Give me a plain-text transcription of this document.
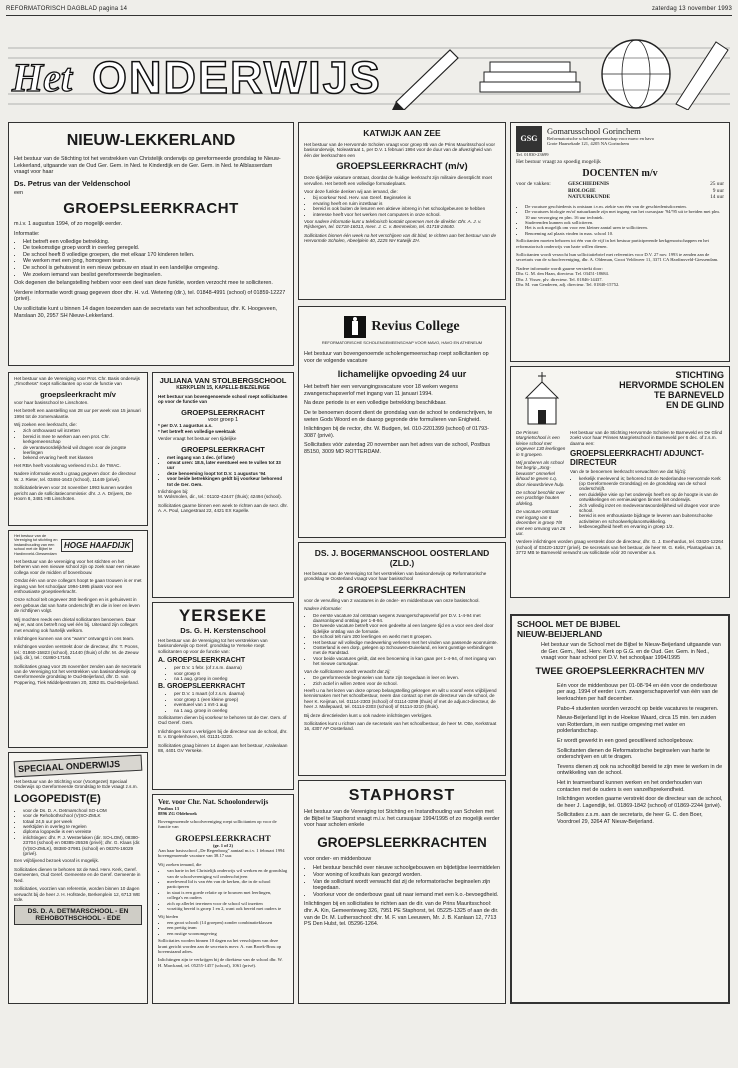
REFORMATORISCH DAGBLAD pagina 14	zaterdag 13 november 1993
Het ONDERWIJS
NIEUW-LEKKERLAND

Het bestuur van de Stichting tot het verstrekken van Christelijk onderwijs op gereformeerde grondslag te Nieuw-Lekkerland, uitgaande van de Oud Ger. Gem. in Ned. te Kinderdijk en de Ger. Gem. in Ned. te Alblasserdam vraagt voor haar

Ds. Petrus van der Veldenschool
een
GROEPSLEERKRACHT

m.i.v. 1 augustus 1994, of zo mogelijk eerder.

Informatie:
• Het betreft een volledige betrekking.
• De toekomstige groep wordt in overleg geregeld.
• De school heeft 8 volledige groepen, die met elkaar 170 kinderen tellen.
• We werken met een jong, homogeen team.
• De school is gehuisvest in een nieuw gebouw en staat in een landelijke omgeving.
• We zoeken iemand van beslist gereformeerde beginselen.

Ook degenen die belangstelling hebben voor een deel van deze funktie, worden verzocht mee te solliciteren.

Verdere informatie wordt graag gegeven door dhr. H. v.d. Wetering (dir.), tel. 01848-4991 (school) of 01859-12227 (privé).

Uw sollicitatie kunt u binnen 14 dagen toezenden aan de secretaris van het schoolbestuur, dhr. K. Hoogeveen, Marslaan 30, 2957 SH Nieuw-Lekkerland.

KATWIJK AAN ZEE

Het bestuur van de Hervormde Scholen vraagt voor groep 8b van de Prins Mauritsschool voor basisonderwijs, Noleastraat 1, per D.V. 1 februari 1994 voor de duur van de afwezigheid van één der leerkrachten een

GROEPSLEERKRACHT (m/v)

Deze tijdelijke vakature ontstaat, doordat de huidige leerkracht zijn militaire dienstplicht moet vervullen. Het betreft een volledige formatieplaats.

Voor deze funktie denken wij aan iemand, die:
• bij voorkeur Ned. Herv. van Geref. Beginselen is
• ervaring heeft en ruim inzetbaar is
• bereid is ook buiten de lesuren een aktieve inbreng in het schoolgebeuren te hebben
• interesse heeft voor het werken met computers in onze school.

Voor nadere informatie kunt u telefonisch kontakt opnemen met de direktie: Dhr. A. J. v. Rijsbergen, tel. 01718-16013, mevr. J. C. v. Bemmelom, tel. 01718-24640.

Sollicitaties binnen één week na het verschijnen van dit blad, te richten aan het bestuur van de Hervormde Scholen, Abeelplein 40, 2225 NH Katwijk ZH.

GSG
Gomarusschool Gorinchem
Reformatorische scholengemeenschap voor mavo en havo
Grote Haarsekade 121, 4205 NA Gorinchem
Tel. 01830-23699
Het bestuur vraagt zo spoedig mogelijk
DOCENTEN m/v
voor de vakken:	GESCHIEDENIS	25 uur
BIOLOGIE	9 uur
NATUURKUNDE	14 uur
• De vacature geschiedenis is ontstaan i.v.m. ziekte van één van de geschiedenisdocenten.
• De vacatures biologie en/of natuurkunde zijn met ingang van het cursusjaar '94/'95 uit te breiden met plm. 10 uur verzorging en plm. 16 uur techniek.
• Studerenden kunnen ook solliciteren.
• Het is ook mogelijk om voor een kleiner aantal uren te solliciteren.
• Benoeming zal plaats vinden in max. school 10.

Sollicitanten moeten behoren tot één van de vijf in het bestuur participerende kerkgenootschappen en het reformatorisch onderwijs van harte willen dienen.

Sollicitanten wordt verzocht hun sollicitatiebrief met referenties voor D.V. 27 nov. 1993 te zenden aan de secretaris van de schoolvereniging, dhr. A. Oldeman, Groot Veldiweer 11, 3371 CA Hardinxveld-Giessendam.

Nadere informatie wordt gaarne verstrekt door:
Dhr. G. M. den Haan, directeur. Tel. 03451-18684.
Dhr. J. Visser, plv. directeur. Tel. 01846-14437.
Dhr. M. van Genderen, adj. directeur. Tel. 01840-15752.

Het bestuur van de Vereniging voor Prot. Chr. Basis onderwijs „Timotheüs” roept sollicitanten op voor de functie van

groepsleerkracht m/v

voor haar basisschool te Linschoten.

Het betreft een aanstelling van 28 uur per week van 15 januari 1994 tot de zomervakantie.

Wij zoeken een leerkracht, die:
• zich onthouwast wil inzetten
• bereid is mee te werken aan een prot. Chr. kerkgemeenschap
• de verantwoordelijkheid wil dragen voor de jongste leerlingen
• bekend ervaring heeft met klassen

Het RBA heeft vooralsnog verleend m.b.t. de TWAC.

Nadere informatie wordt u graag gegeven door: de directeur W. J. Rieter, tel. 03484-1643 (school), 11449 (privé).

Sollicitatiebrieven voor 24 november 1993 kunnen worden gericht aan de sollicitatiecommissie: dhr. J. A. Drijvers, De Hoorn 8, 3481 HB Linschoten.

Het bestuur van de Vereniging tot stichting en instandhouding van een school met de Bijbel te Hardinxveld-Giessendam
HOGE HAAFDIJK

Het bestuur van de vereniging voor het stichten en het beheren van een nieuwe school zijn op zoek naar een nieuwe collega voor de midden of bovenbouw.

Omdat één van onze collega's hoopt te gaan trouwen is er met ingang van het schooljaar 1994-1995 plaats voor een enthousiaste groepsleerkracht.

Onze school telt ongeveer 360 leerlingen en is gehuisvest in een gebouw dat van harte onderschrijft en die in leer en leven de richtlijnen volgt.

Wij mochten reeds een drietal sollicitanten benoemen. Daar wij er, wat ons betreft nog wel één bij. Uiteraard zijn collega's met ervaring ook hartelijk welkom.

Inlichtingen kunnen van ons "warm" ontvangst in ons team.

Inlichtingen worden verstrekt door de directeur, dhr. T. Poons, tel.: 01860-15823 (school), 21440 (thuis) of dhr. M. de Zeeuw (adj. dir.), tel.: 01860-17165.

Sollicitaties graag voor 25 november zenden aan de secretaris van de Vereniging tot het verstrekken van basisonderwijs op Gereformeerde grondslag te Oud-Beijerland, dhr. D. van Poppering, Tiek Middelpestraten 20, 3262 EL Oud-Beijerland.

JULIANA VAN STOLBERGSCHOOL
KERKPLEIN 15, KAPELLE-BIEZELINGE

Het bestuur van bovengenoemde school roept sollicitanten op voor de functie van

GROEPSLEERKRACHT
voor groep 1
* per D.V. 1 augustus a.s.
* het betreft een volledige weektaak

Verder vraagt het bestuur een tijdelijke

GROEPSLEERKRACHT
• met ingang van 1 dec. (of later)
• omvat uren: 18.5, later eventueel een te vullen tot 33 uur
• deze benoeming loopt tot D.V. 1 augustus '94
• voor beide betrekkingen geldt bij voorkeur behorend tot de Ger. Gem.
Inlichtingen bij:

M. Wolsmolen, dir., tel.: 01102-42447 (thuis); 42494 (school).

Sollicitaties gaarne binnen een week te richten aan de secr. dhr. A. A. Poul, Langestraat 22, 4421 EX Kapelle.

Revius College
REFORMATORISCHE SCHOLENGEMEENSCHAP VOOR MAVO, HAVO EN ATHENEUM

Het bestuur van bovengenoemde scholengemeenschap roept sollicitanten op voor de volgende vacature

lichamelijke opvoeding 24 uur

Het betreft hier een vervangingsvacature voor 18 weken wegens zwangerschapsverlof met ingang van 11 januari 1994.

Na deze periode is er een volledige betrekking beschikbaar.

De te benoemen docent dient de grondslag van de school te onderschrijven, te weten Gods Woord en de daarop gegronde drie formulieren van Enigheid.

Inlichtingen bij de rector, dhr. W. Budgen, tel. 010-2201399 (school) of 01793-3087 (privé).

Sollicitaties vóór zaterdag 20 november aan het adres van de school, Postbus 85150, 3009 MD ROTTERDAM.

STICHTING
HERVORMDE SCHOLEN
TE BARNEVELD
EN DE GLIND

De Prinses Margrietschool is een kleine school met ongeveer 130 leerlingen in 5 groepen.

Wij proberen als school het begrip „Jong-bewuste" onmerkel ikhoud te geven c.q. door nieuwsbrieve hulp.

De school beschikt over een prachtige houten afdeling.

De vacature ontstaat met ingang van 6 december in groep 7/8 met een omvang van 26 uur.

Het bestuur van de Stichting Hervormde Scholen te Barneveld en De Glind zoekt voor haar Prinses Margrietschool in Barneveld per 6 dec. of z.s.m. daarna een:

GROEPSLEERKRACHT/ ADJUNCT-DIRECTEUR
Van de te benoemen leerkracht verwachten we dat hij/zij:
• kerkelijk meelevend is; behorend tot de Nederlandse Hervormde Kerk (op Gereformeerde Grondslag) en de grondslag van de school onderschrijft.
• een duidelijke visie op het onderwijs heeft en op de hoogte is van de ontwikkelingen en vernieuwingen binnen het onderwijs.
• zich volledig inzet en medeverantwoordelijkheid wil dragen voor onze school.
• bereid is een enthousiaste bijdrage te leveren aan buitenschoolse activiteiten en schoolwerkplanontwikkeling.
• lesbevoegdheid heeft en ervaring in groep 1/2.

Verdere inlichtingen worden graag verstrekt door de directeur, dhr. G. J. Everhardus, tel. 03420-12264 (school) of 03420-15227 (privé). De secretaris van het bestuur, de heer W. G. Kelis, Plantagelaan 16, 3772 MB te Barneveld verwacht uw sollicitatie vóór 20 november a.s.

YERSEKE
Ds. G. H. Kerstenschool

Het bestuur van de Vereniging tot het verstrekken van basisonderwijs op Geref. grondslag te Yerseke roept sollicitanten op voor de functie van:

A. GROEPSLEERKRACHT
• per D.V. 1 febr. (of z.s.m. daarna)
• voor groep 6
• na 1 aug. groep in overleg
B. GROEPSLEERKRACHT
• per D.V. 1 maart (of z.s.m. daarna)
• voor groep 1 (een kleine groep)
• eventueel van 1 mrt-1 aug
• na 1 aug. groep in overleg

Sollicitanten dienen bij voorkeur te behoren tot de Ger. Gem. of Oud Geref. Gem.

Inlichtingen kunt u verkrijgen bij de directeur van de school, dhr. E. v. Engelenhoven, tel. 01131-3220.

Sollicitaties graag binnen 14 dagen aan het bestuur, Azalealaan 88, 4401 GV Yerseke.

DS. J. BOGERMANSCHOOL OOSTERLAND (ZLD.)

Het bestuur van de Vereniging tot het verstrekken van basisonderwijs op Reformatorische grondslag te Oosterland vraagt voor haar basisschool

2 GROEPSLEERKRACHTEN

voor de vervulling van 2 vacatures in de onder- en middenbouw van onze basisschool.

Nadere informatie:
• De eerste vacature zal ontstaan wegens zwangerschapsverlof per D.V. 1-4-94 met daarsonlopend ontslag per 1-8-94.
• De tweede vacature betreft voor een gedeelte al een langere tijd en a voor een deel door tijdelijke ontslag van de formatie.
• De school telt ruim 200 leerlingen en werkt met 8 groepen.
• Het bestuur wil volledige medewerking verlenen met het vinden van passende woonruimte.
• Oosterland is een dorp, gelegen op Schouwen-Duiveland, en kent gunstige verbindingen met de Randstad.
• Voor beide vacatures geldt, dat een benoeming in kan gaan per 1-4-94, of met ingang van het nieuwe cursusjaar.
Van de sollicitanten wordt verwacht dat zij:
• De gereformeerde beginselen van harte zijn toegedaan in leer en leven.
• Zich actief in willen zetten voor de school.

Heeft u na het lezen van deze oproep belangstelling gekregen en wilt u vooraf eens vrijblijvend kennismaken met het schoolbestuur, neem dan contact op met de directeur van de school, de heer K. Keijman, tel. 01114-2303 (school) of 01114-3299 (thuis) of met de adjunct-directeur, de heer J. Mallepaard, tel. 01114-2303 (school) of 01114-3210 (thuis).

Bij deze directieleden kunt u ook nadere inlichtingen verkrijgen.

Sollicitaties kunt u richten aan de secretaris van het schoolbestuur, de heer M. Otte, Kerkstraat 16, 4307 AP Oosterland.

SCHOOL MET DE BIJBEL NIEUW-BEIJERLAND

Het bestuur van de School met de Bijbel te Nieuw-Beijerland uitgaande van de Ger. Gem., Ned. Herv. Kerk op G.G. en de Oud. Ger. Gem. in Ned., vraagt voor haar school per D.V. het schooljaar 1994/1995

TWEE GROEPSLEERKRACHTEN M/V

Eén voor de middenbouw per 01-08-'94 en één voor de onderbouw per aug. 1994 of eerder i.v.m. zwangerschapsverlof van één van de leerkrachten per half december.

Pabo-4 studenten worden verzocht op beide vacatures te reageren.

Nieuw-Beijerland ligt in de Hoekse Waard, circa 15 min. ten zuiden van Rotterdam, in een rustige omgeving met water en polderlandschap.

Er wordt gewerkt in een goed geoutilleerd schoolgebouw.

Sollicitanten dienen de Reformatorische beginselen van harte te onderschrijven en uit te dragen.

Tevens dienen zij ook na schooltijd bereid te zijn mee te werken in de ontwikkeling van de school.

Het in teamverband kunnen werken en het onderhouden van contacten met de ouders is een vanzelfsprekendheid.

Inlichtingen worden gaarne verstrekt door de directeur van de school, de heer J. Lagendijk, tel. 01869-1842 (school) of 01869-2244 (privé).

Sollicitaties z.s.m. aan de secretaris, de heer G. C. den Boer, Voordroel 29, 3264 AT Nieuw-Beijerland.

SPECIAAL ONDERWIJS

Het bestuur van de Stichting voor (Voortgezet) Speciaal Onderwijs op Gereformeerde Grondslag te Ede vraagt z.s.m.

LOGOPEDIST(E)
• voor de Ds. D. A. Detmarschool SO-LOM
• voor de Rehobothschool (V)SO-ZMLK
• totaal 24,5 uur per week
• werktijden in overleg te regelen
• diploma logopedie is een vereiste
• inlichtingen: dhr. P. J. Westerlaken (dir. SO-LOM), 08380-23704 (school) en 08385-25536 (privé); dhr. G. Klaas (dir. (V)SO-ZMLK), 08380-37981 (school) en 08376-16029 (privé).

Een vrijblijvend bezoek vooraf is mogelijk.

Sollicitaties dienen te behoren tot de Ned. Herv. Kerk, Geref. Gemeenten, Oud Geref. Gemeente en de Geref. Gemeente in Ned.

Sollicitaties, voorzien van referentie, worden binnen 10 dagen verwacht bij de heer J. H. Hofstede, Berkenplein 12, 6713 WE Ede.

DS. D. A. DETMARSCHOOL - EN REHOBOTHSCHOOL - EDE
Ver. voor Chr. Nat. Schoolonderwijs
Postbus 13
8896 ZG Oldebroek

Bovengenoemde schoolvereniging roept sollicitanten op voor de functie van

GROEPSLEERKRACHT
(gr. 1 of 2)

Aan haar basisschool „De Regenboog" aantaal m.i.v. 1 februari 1994 bovengenoemde vacature van 38.17 uur.

Wij zoeken iemand, die
• van harte in het Christelijk onderwijs wil werken en de grondslag van de schoolvereniging wil onderschrijven
• meelevend lid is van één van de kerken, die in de school participeren
• in staat is een goede relatie op te bouwen met leerlingen, collega's en ouders
• zich op allerlei terreinen voor de school wil inzetten
• vorzittig bereid is groep 1 en 2, want ook bereid met ouders te
Wij bieden
• een groot schoolt (14 groepen) zonder combinatieklassen
• een prettig team
• een rustige woonomgeving

Sollicitaties worden binnen 10 dagen na het verschijnen van deze krant gericht worden aan de secretaris mevr. A. van Broek-Brou op bovenstaand adres.

Inlichtingen zijn te verkrijgen bij de direkteur van de school dhr. W. H. Marckand, tel. 05255-1457 (school), 1061 (privé).

STAPHORST

Het bestuur van de Vereniging tot Stichting en Instandhouding van Scholen met de Bijbel te Staphorst vraagt m.i.v. het cursusjaar 1994/1995 of zo mogelijk eerder voor haar scholen enkele

GROEPSLEERKRACHTEN
voor onder- en middenbouw
• Het bestuur beschikt over nieuwe schoolgebouwen en bijdetijdse leermiddelen
• Voor woning of kosthuis kan gezorgd worden.
• Van de sollicitant wordt verwacht dat zij de reformatorische beginselen zijn toegedaan.
• Voorkeur voor de onderbouw gaat uit naar iemand met een k.o.-bevoegdheid.

Inlichtingen bij en sollicitaties te richten aan de dir. van de Prins Mauritsschool: dhr. A. Kin, Gemeenteweg 326, 7951 PE Staphorst, tel. 05225-1325 of aan de dir. van de Dr. M. Luthersschool: dhr. M. F. van Leeuwen, Mr. J. B. Kanlaan 12, 7713 PS Den Hulst, tel. 05296-1264.
